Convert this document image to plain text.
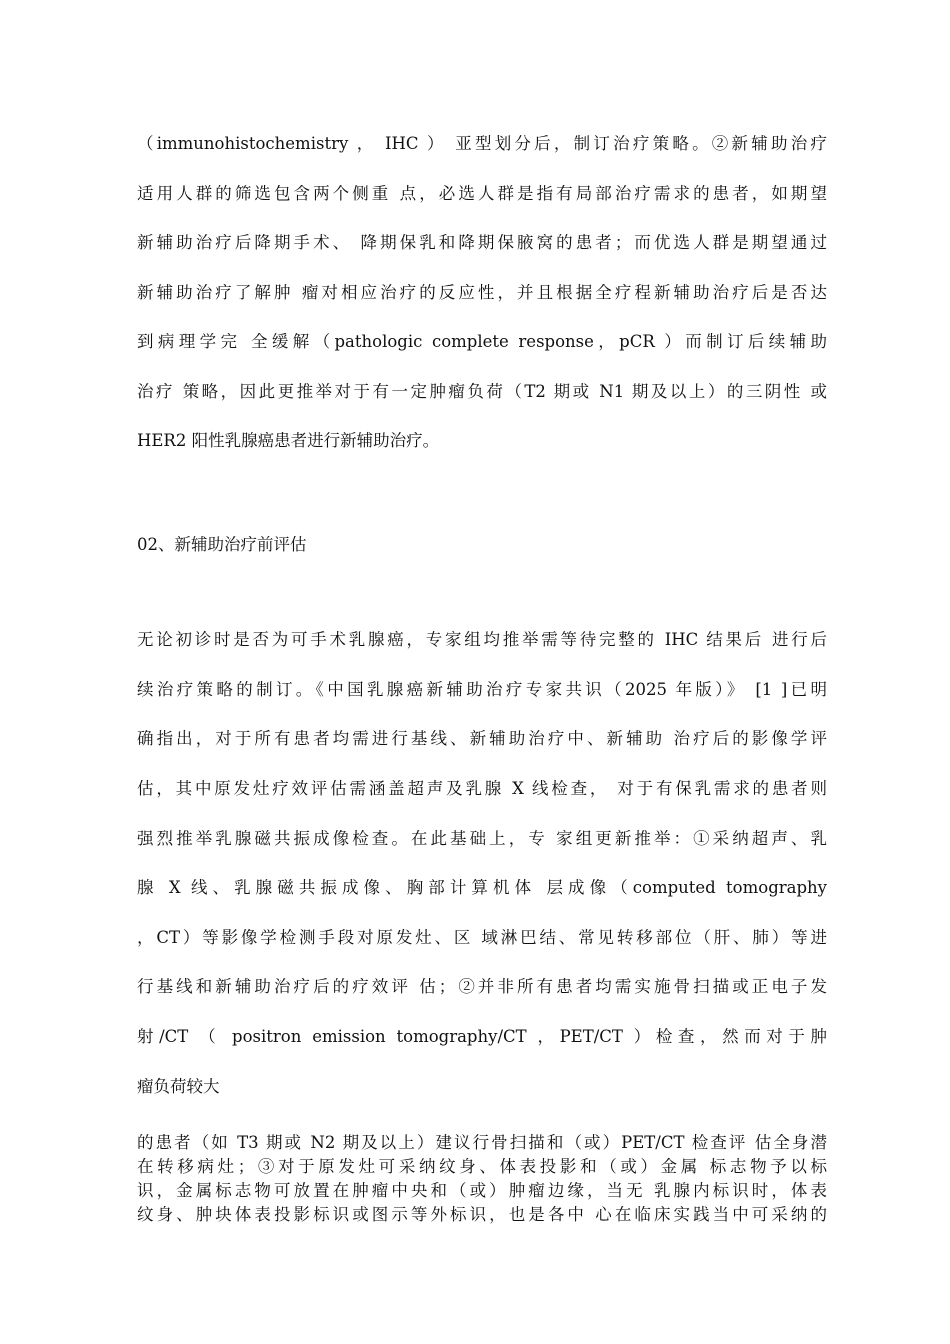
（immunohistochemistry ， IHC ） 亚型划分后，制订治疗策略。②新辅助治疗
适用人群的筛选包含两个侧重 点，必选人群是指有局部治疗需求的患者，如期望
新辅助治疗后降期手术、 降期保乳和降期保腋窝的患者；而优选人群是期望通过
新辅助治疗了解肿 瘤对相应治疗的反应性，并且根据全疗程新辅助治疗后是否达
到病理学完 全缓解（pathologic complete response，pCR ）而制订后续辅助
治疗 策略，因此更推举对于有一定肿瘤负荷（T2 期或 N1 期及以上）的三阴性 或
HER2 阳性乳腺癌患者进行新辅助治疗。
02、新辅助治疗前评估
无论初诊时是否为可手术乳腺癌，专家组均推举需等待完整的 IHC 结果后 进行后
续治疗策略的制订。《中国乳腺癌新辅助治疗专家共识（2025 年版）》 [1 ]已明
确指出，对于所有患者均需进行基线、新辅助治疗中、新辅助 治疗后的影像学评
估，其中原发灶疗效评估需涵盖超声及乳腺 X 线检查， 对于有保乳需求的患者则
强烈推举乳腺磁共振成像检查。在此基础上，专 家组更新推举：①采纳超声、乳
腺 X 线、乳腺磁共振成像、胸部计算机体 层成像（computed tomography
，CT）等影像学检测手段对原发灶、区 域淋巴结、常见转移部位（肝、肺）等进
行基线和新辅助治疗后的疗效评 估；②并非所有患者均需实施骨扫描或正电子发
射/CT （ positron emission tomography/CT ，PET/CT ）检查，然而对于肿
瘤负荷较大
的患者（如 T3 期或 N2 期及以上）建议行骨扫描和（或）PET/CT 检查评 估全身潜
在转移病灶；③对于原发灶可采纳纹身、体表投影和（或）金属 标志物予以标
识，金属标志物可放置在肿瘤中央和（或）肿瘤边缘，当无 乳腺内标识时，体表
纹身、肿块体表投影标识或图示等外标识，也是各中 心在临床实践当中可采纳的
